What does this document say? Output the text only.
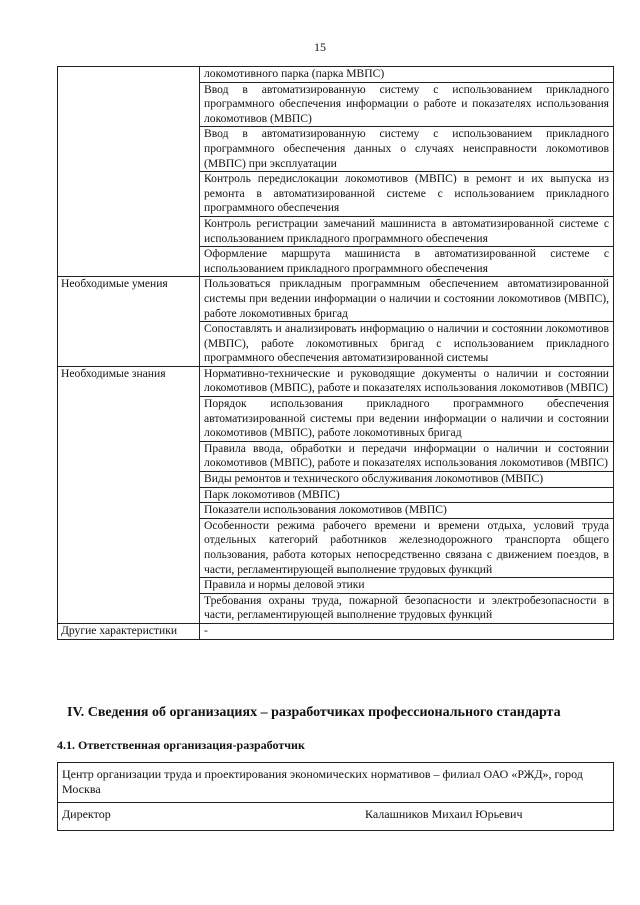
15
	локомотивного парка (парка МВПС)
	Ввод в автоматизированную систему с использованием прикладного программного обеспечения информации о работе и показателях использования локомотивов (МВПС)
	Ввод в автоматизированную систему с использованием прикладного программного обеспечения данных о случаях неисправности локомотивов (МВПС) при эксплуатации
	Контроль передислокации локомотивов (МВПС) в ремонт и их выпуска из ремонта в автоматизированной системе с использованием прикладного программного обеспечения
	Контроль регистрации замечаний машиниста в автоматизированной системе с использованием прикладного программного обеспечения
	Оформление маршрута машиниста в автоматизированной системе с использованием прикладного программного обеспечения
Необходимые умения	Пользоваться прикладным программным обеспечением автоматизированной системы при ведении информации о наличии и состоянии локомотивов (МВПС), работе локомотивных бригад
	Сопоставлять и анализировать информацию о наличии и состоянии локомотивов (МВПС), работе локомотивных бригад с использованием прикладного программного обеспечения автоматизированной системы
Необходимые знания	Нормативно-технические и руководящие документы о наличии и состоянии локомотивов (МВПС), работе и показателях использования локомотивов (МВПС)
	Порядок использования прикладного программного обеспечения автоматизированной системы при ведении информации о наличии и состоянии локомотивов (МВПС), работе локомотивных бригад
	Правила ввода, обработки и передачи информации о наличии и состоянии локомотивов (МВПС), работе и показателях использования локомотивов (МВПС)
	Виды ремонтов и технического обслуживания локомотивов (МВПС)
	Парк локомотивов (МВПС)
	Показатели использования локомотивов (МВПС)
	Особенности режима рабочего времени и времени отдыха, условий труда отдельных категорий работников железнодорожного транспорта общего пользования, работа которых непосредственно связана с движением поездов, в части, регламентирующей выполнение трудовых функций
	Правила и нормы деловой этики
	Требования охраны труда, пожарной безопасности и электробезопасности в части, регламентирующей выполнение трудовых функций
Другие характеристики	-
IV. Сведения об организациях – разработчиках профессионального стандарта
4.1. Ответственная организация-разработчик
Центр организации труда и проектирования экономических нормативов – филиал ОАО «РЖД», город Москва
Директор	Калашников Михаил Юрьевич
